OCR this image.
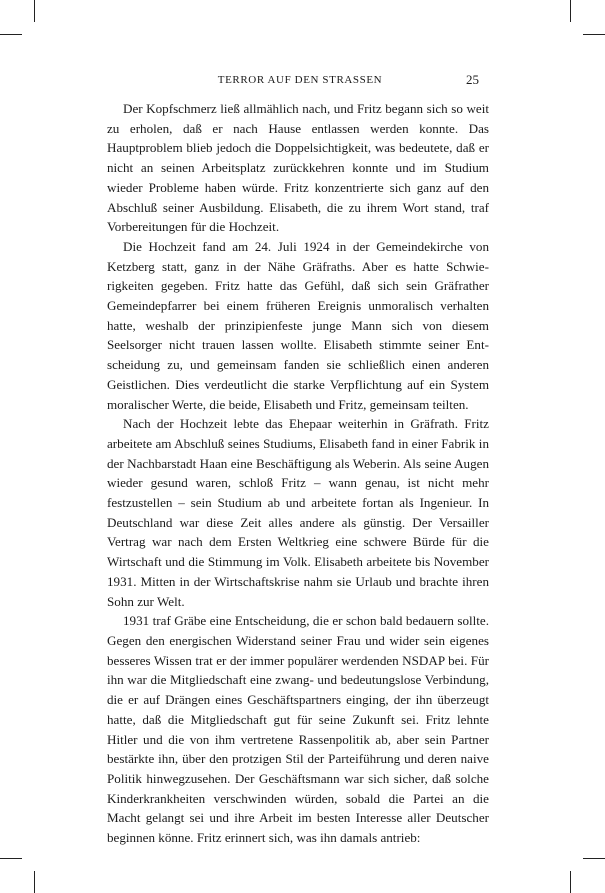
TERROR AUF DEN STRASSEN	25

Der Kopfschmerz ließ allmählich nach, und Fritz begann sich so weit zu erholen, daß er nach Hause entlassen werden konnte. Das Hauptproblem blieb jedoch die Doppelsichtigkeit, was bedeutete, daß er nicht an seinen Arbeitsplatz zurückkehren konnte und im Studium wieder Probleme haben würde. Fritz konzentrierte sich ganz auf den Abschluß seiner Ausbildung. Elisabeth, die zu ihrem Wort stand, traf Vorbereitungen für die Hochzeit.

Die Hochzeit fand am 24. Juli 1924 in der Gemeindekirche von Ketzberg statt, ganz in der Nähe Gräfraths. Aber es hatte Schwierigkeiten gegeben. Fritz hatte das Gefühl, daß sich sein Gräfrather Gemeindepfarrer bei einem früheren Ereignis unmoralisch verhalten hatte, weshalb der prinzipienfeste junge Mann sich von diesem Seelsorger nicht trauen lassen wollte. Elisabeth stimmte seiner Entscheidung zu, und gemeinsam fanden sie schließlich einen anderen Geistlichen. Dies verdeutlicht die starke Verpflichtung auf ein System moralischer Werte, die beide, Elisabeth und Fritz, gemeinsam teilten.

Nach der Hochzeit lebte das Ehepaar weiterhin in Gräfrath. Fritz arbeitete am Abschluß seines Studiums, Elisabeth fand in einer Fabrik in der Nachbarstadt Haan eine Beschäftigung als Weberin. Als seine Augen wieder gesund waren, schloß Fritz – wann genau, ist nicht mehr festzustellen – sein Studium ab und arbeitete fortan als Ingenieur. In Deutschland war diese Zeit alles andere als günstig. Der Versailler Vertrag war nach dem Ersten Weltkrieg eine schwere Bürde für die Wirtschaft und die Stimmung im Volk. Elisabeth arbeitete bis November 1931. Mitten in der Wirtschaftskrise nahm sie Urlaub und brachte ihren Sohn zur Welt.

1931 traf Gräbe eine Entscheidung, die er schon bald bedauern sollte. Gegen den energischen Widerstand seiner Frau und wider sein eigenes besseres Wissen trat er der immer populärer werdenden NSDAP bei. Für ihn war die Mitgliedschaft eine zwang- und bedeutungslose Verbindung, die er auf Drängen eines Geschäftspartners einging, der ihn überzeugt hatte, daß die Mitgliedschaft gut für seine Zukunft sei. Fritz lehnte Hitler und die von ihm vertretene Rassenpolitik ab, aber sein Partner bestärkte ihn, über den protzigen Stil der Parteiführung und deren naive Politik hinwegzusehen. Der Geschäftsmann war sich sicher, daß solche Kinderkrankheiten verschwinden würden, sobald die Partei an die Macht gelangt sei und ihre Arbeit im besten Interesse aller Deutscher beginnen könne. Fritz erinnert sich, was ihn damals antrieb:
